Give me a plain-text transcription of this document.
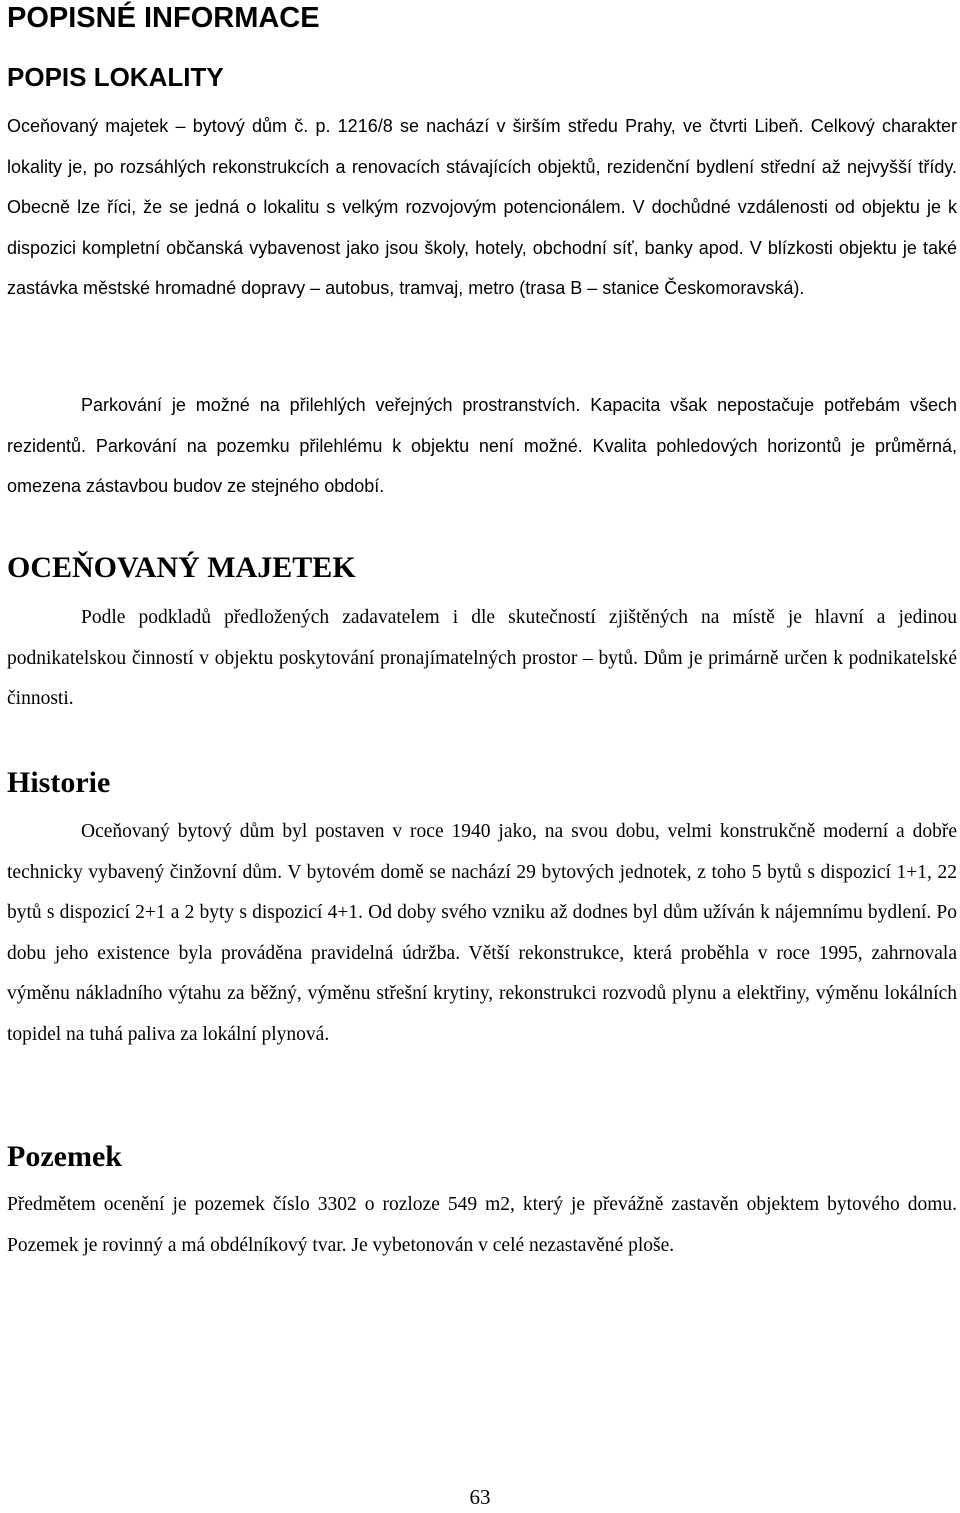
POPISNÉ INFORMACE
POPIS LOKALITY

Oceňovaný majetek – bytový dům č. p. 1216/8 se nachází v širším středu Prahy, ve čtvrti Libeň. Celkový charakter lokality je, po rozsáhlých rekonstrukcích a renovacích stávajících objektů, rezidenční bydlení střední až nejvyšší třídy. Obecně lze říci, že se jedná o lokalitu s velkým rozvojovým potencionálem. V dochůdné vzdálenosti od objektu je k dispozici kompletní občanská vybavenost jako jsou školy, hotely, obchodní síť, banky apod. V blízkosti objektu je také zastávka městské hromadné dopravy – autobus, tramvaj, metro (trasa B – stanice Českomoravská).

Parkování je možné na přilehlých veřejných prostranstvích. Kapacita však nepostačuje potřebám všech rezidentů. Parkování na pozemku přilehlému k objektu není možné. Kvalita pohledových horizontů je průměrná, omezena zástavbou budov ze stejného období.

OCEŇOVANÝ MAJETEK

Podle podkladů předložených zadavatelem i dle skutečností zjištěných na místě je hlavní a jedinou podnikatelskou činností v objektu poskytování pronajímatelných prostor – bytů. Dům je primárně určen k podnikatelské činnosti.

Historie

Oceňovaný bytový dům byl postaven v roce 1940 jako, na svou dobu, velmi konstrukčně moderní a dobře technicky vybavený činžovní dům. V bytovém domě se nachází 29 bytových jednotek, z toho 5 bytů s dispozicí 1+1, 22 bytů s dispozicí 2+1 a 2 byty s dispozicí 4+1. Od doby svého vzniku až dodnes byl dům užíván k nájemnímu bydlení. Po dobu jeho existence byla prováděna pravidelná údržba. Větší rekonstrukce, která proběhla v roce 1995, zahrnovala výměnu nákladního výtahu za běžný, výměnu střešní krytiny, rekonstrukci rozvodů plynu a elektřiny, výměnu lokálních topidel na tuhá paliva za lokální plynová.

Pozemek

Předmětem ocenění je pozemek číslo 3302 o rozloze 549 m2, který je převážně zastavěn objektem bytového domu. Pozemek je rovinný a má obdélníkový tvar. Je vybetonován v celé nezastavěné ploše.

63
